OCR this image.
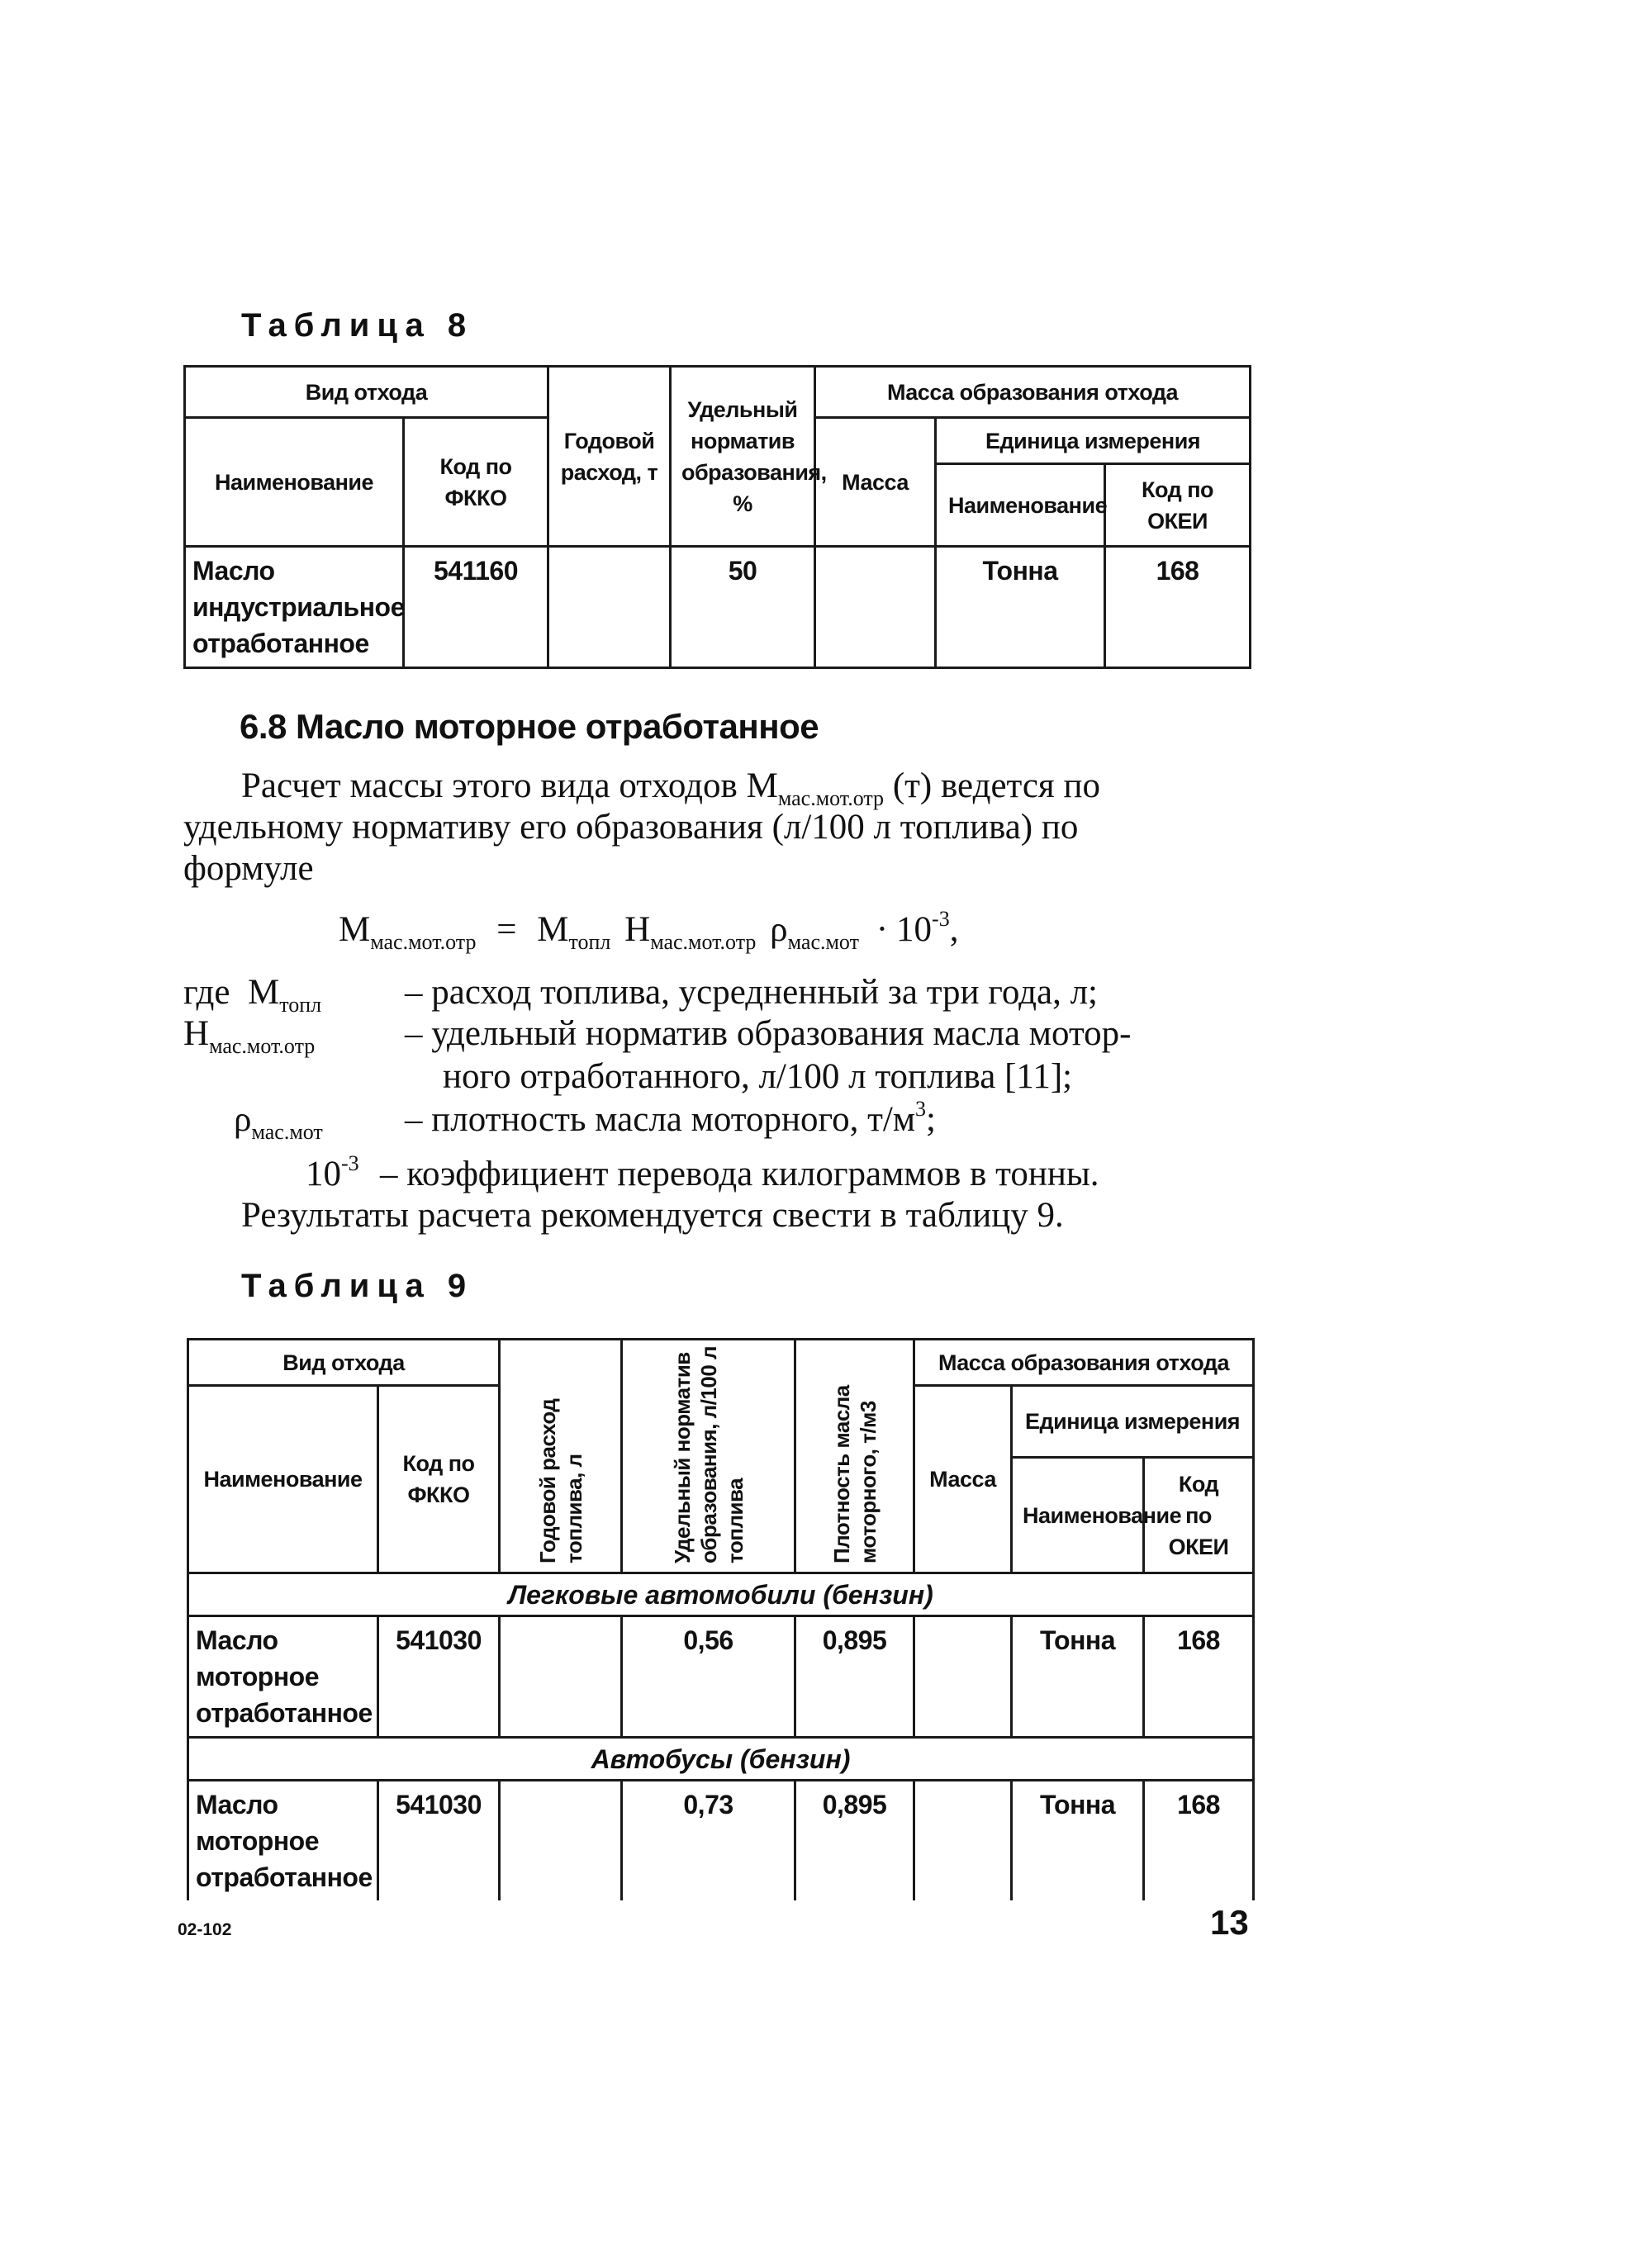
Таблица 8
Вид отхода		Годовой расход, т	Удельный норматив образования, %	Масса образования отхода		
Наименование	Код по ФККО			Масса	Единица измерения	

					Наименование	Код по ОКЕИ

Масло индустриальное отработанное	541160		50		Тонна	168
6.8 Масло моторное отработанное
Расчет массы этого вида отходов $М_{мас.мот.отр}$ (т) ведется по
удельному нормативу его образования (л/100 л топлива) по
формуле
$М_{мас.мот.отр} = М_{топл}$ $Н_{мас.мот.отр}$ $\rho_{мас.мот} \cdot 10^{-3}$,
где $М_{топл}$ – расход топлива, усредненный за три года, л;
$Н_{мас.мот.отр}$	– удельный норматив образования масла мотор-
ного отработанного, л/100 л топлива [11];
$\rho_{мас.мот}$ – плотность масла моторного, $т/м^3$;
$10^{-3}$ – коэффициент перевода килограммов в тонны.
Результаты расчета рекомендуется свести в таблицу 9.
Таблица 9
Вид отхода		Годовой расход топлива, л	Удельный норматив образования, л/100 л топлива	Плотность масла моторного, т/м3	Масса образования отхода		
Наименование	Код по ФККО				Масса	Единица измерения	

						Наименование	Код по ОКЕИ

Легковые автомобили (бензин)							
Масло моторное отработанное	541030		0,56	0,895		Тонна	168
Автобусы (бензин)							
Масло моторное отработанное	541030		0,73	0,895		Тонна	168
02-102	13
